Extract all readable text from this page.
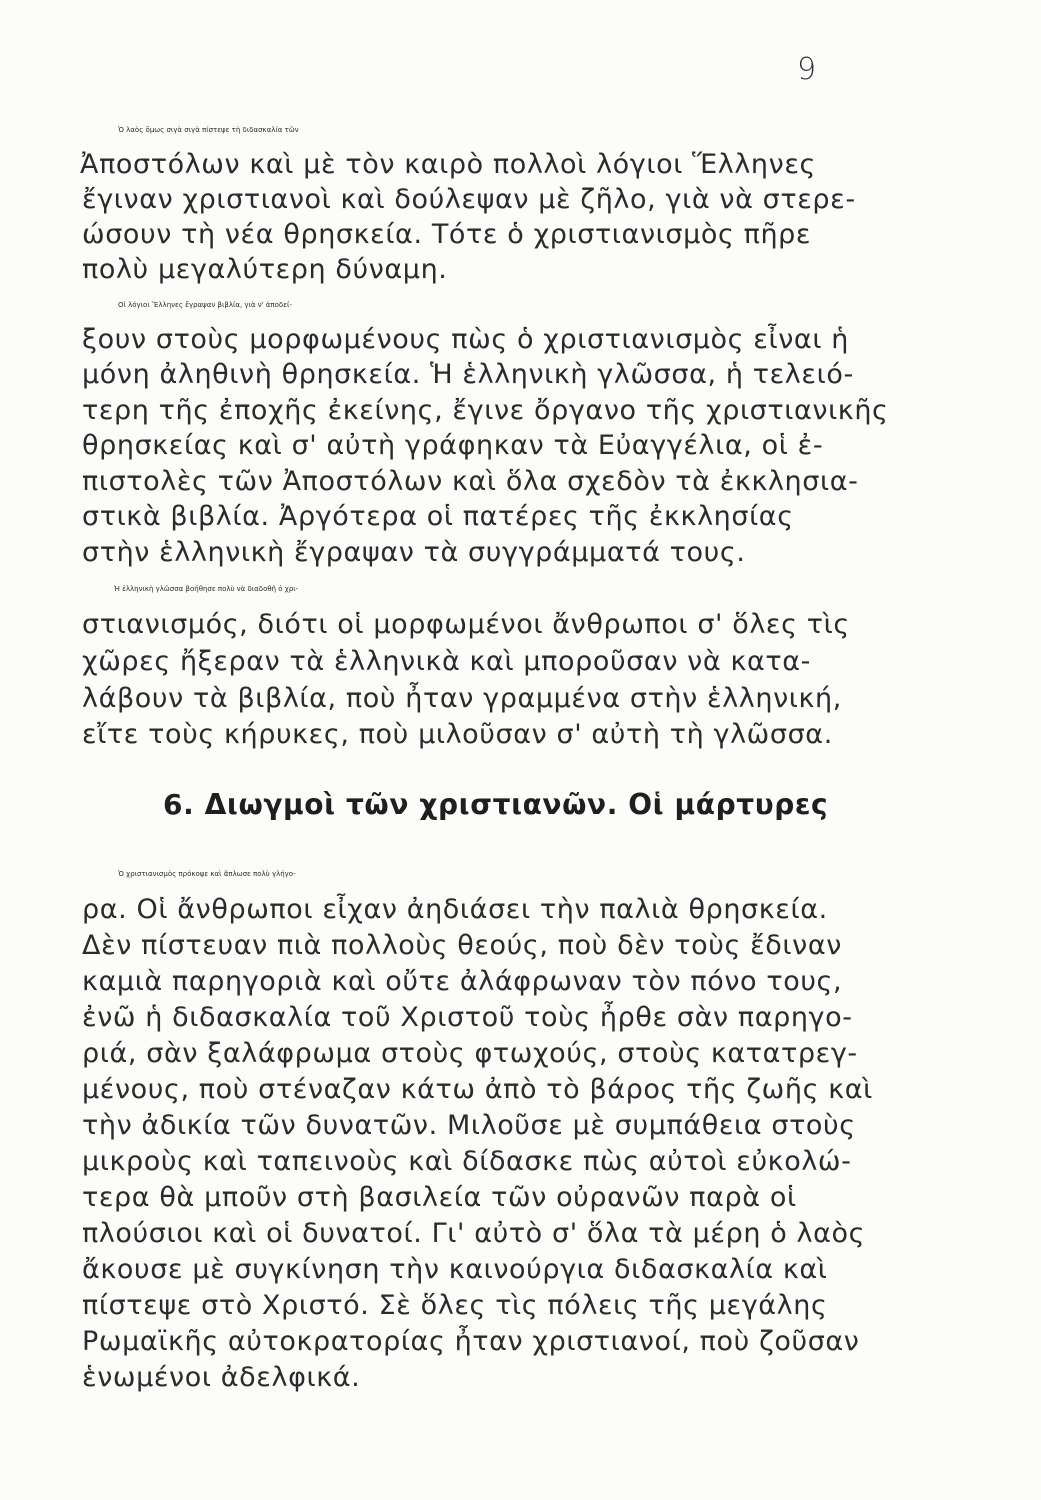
9
Ὁ λαὸς ὅμως σιγὰ σιγὰ πίστεψε τὴ διδασκαλία τῶν
Ἀποστόλων καὶ μὲ τὸν καιρὸ πολλοὶ λόγιοι Ἕλληνες
ἔγιναν χριστιανοὶ καὶ δούλεψαν μὲ ζῆλο, γιὰ νὰ στερε-
ώσουν τὴ νέα θρησκεία. Τότε ὁ χριστιανισμὸς πῆρε
πολὺ μεγαλύτερη δύναμη.
Οἱ λόγιοι Ἕλληνες ἔγραψαν βιβλία, γιὰ ν' ἀποδεί-
ξουν στοὺς μορφωμένους πὼς ὁ χριστιανισμὸς εἶναι ἡ
μόνη ἀληθινὴ θρησκεία. Ἡ ἑλληνικὴ γλῶσσα, ἡ τελειό-
τερη τῆς ἐποχῆς ἐκείνης, ἔγινε ὄργανο τῆς χριστιανικῆς
θρησκείας καὶ σ' αὐτὴ γράφηκαν τὰ Εὐαγγέλια, οἱ ἐ-
πιστολὲς τῶν Ἀποστόλων καὶ ὅλα σχεδὸν τὰ ἐκκλησια-
στικὰ βιβλία. Ἀργότερα οἱ πατέρες τῆς ἐκκλησίας
στὴν ἑλληνικὴ ἔγραψαν τὰ συγγράμματά τους.
Ἡ ἑλληνικὴ γλῶσσα βοήθησε πολὺ νὰ διαδοθῆ ὁ χρι-
στιανισμός, διότι οἱ μορφωμένοι ἄνθρωποι σ' ὅλες τὶς
χῶρες ἤξεραν τὰ ἑλληνικὰ καὶ μποροῦσαν νὰ κατα-
λάβουν τὰ βιβλία, ποὺ ἦταν γραμμένα στὴν ἑλληνική,
εἴτε τοὺς κήρυκες, ποὺ μιλοῦσαν σ' αὐτὴ τὴ γλῶσσα.
6. Διωγμοὶ τῶν χριστιανῶν. Οἱ μάρτυρες
Ὁ χριστιανισμὸς πρόκοψε καὶ ἅπλωσε πολὺ γλήγο-
ρα. Οἱ ἄνθρωποι εἶχαν ἀηδιάσει τὴν παλιὰ θρησκεία.
Δὲν πίστευαν πιὰ πολλοὺς θεούς, ποὺ δὲν τοὺς ἔδιναν
καμιὰ παρηγοριὰ καὶ οὔτε ἀλάφρωναν τὸν πόνο τους,
ἐνῶ ἡ διδασκαλία τοῦ Χριστοῦ τοὺς ἦρθε σὰν παρηγο-
ριά, σὰν ξαλάφρωμα στοὺς φτωχούς, στοὺς κατατρεγ-
μένους, ποὺ στέναζαν κάτω ἀπὸ τὸ βάρος τῆς ζωῆς καὶ
τὴν ἀδικία τῶν δυνατῶν. Μιλοῦσε μὲ συμπάθεια στοὺς
μικροὺς καὶ ταπεινοὺς καὶ δίδασκε πὼς αὐτοὶ εὐκολώ-
τερα θὰ μποῦν στὴ βασιλεία τῶν οὐρανῶν παρὰ οἱ
πλούσιοι καὶ οἱ δυνατοί. Γι' αὐτὸ σ' ὅλα τὰ μέρη ὁ λαὸς
ἄκουσε μὲ συγκίνηση τὴν καινούργια διδασκαλία καὶ
πίστεψε στὸ Χριστό. Σὲ ὅλες τὶς πόλεις τῆς μεγάλης
Ρωμαϊκῆς αὐτοκρατορίας ἦταν χριστιανοί, ποὺ ζοῦσαν
ἑνωμένοι ἀδελφικά.
